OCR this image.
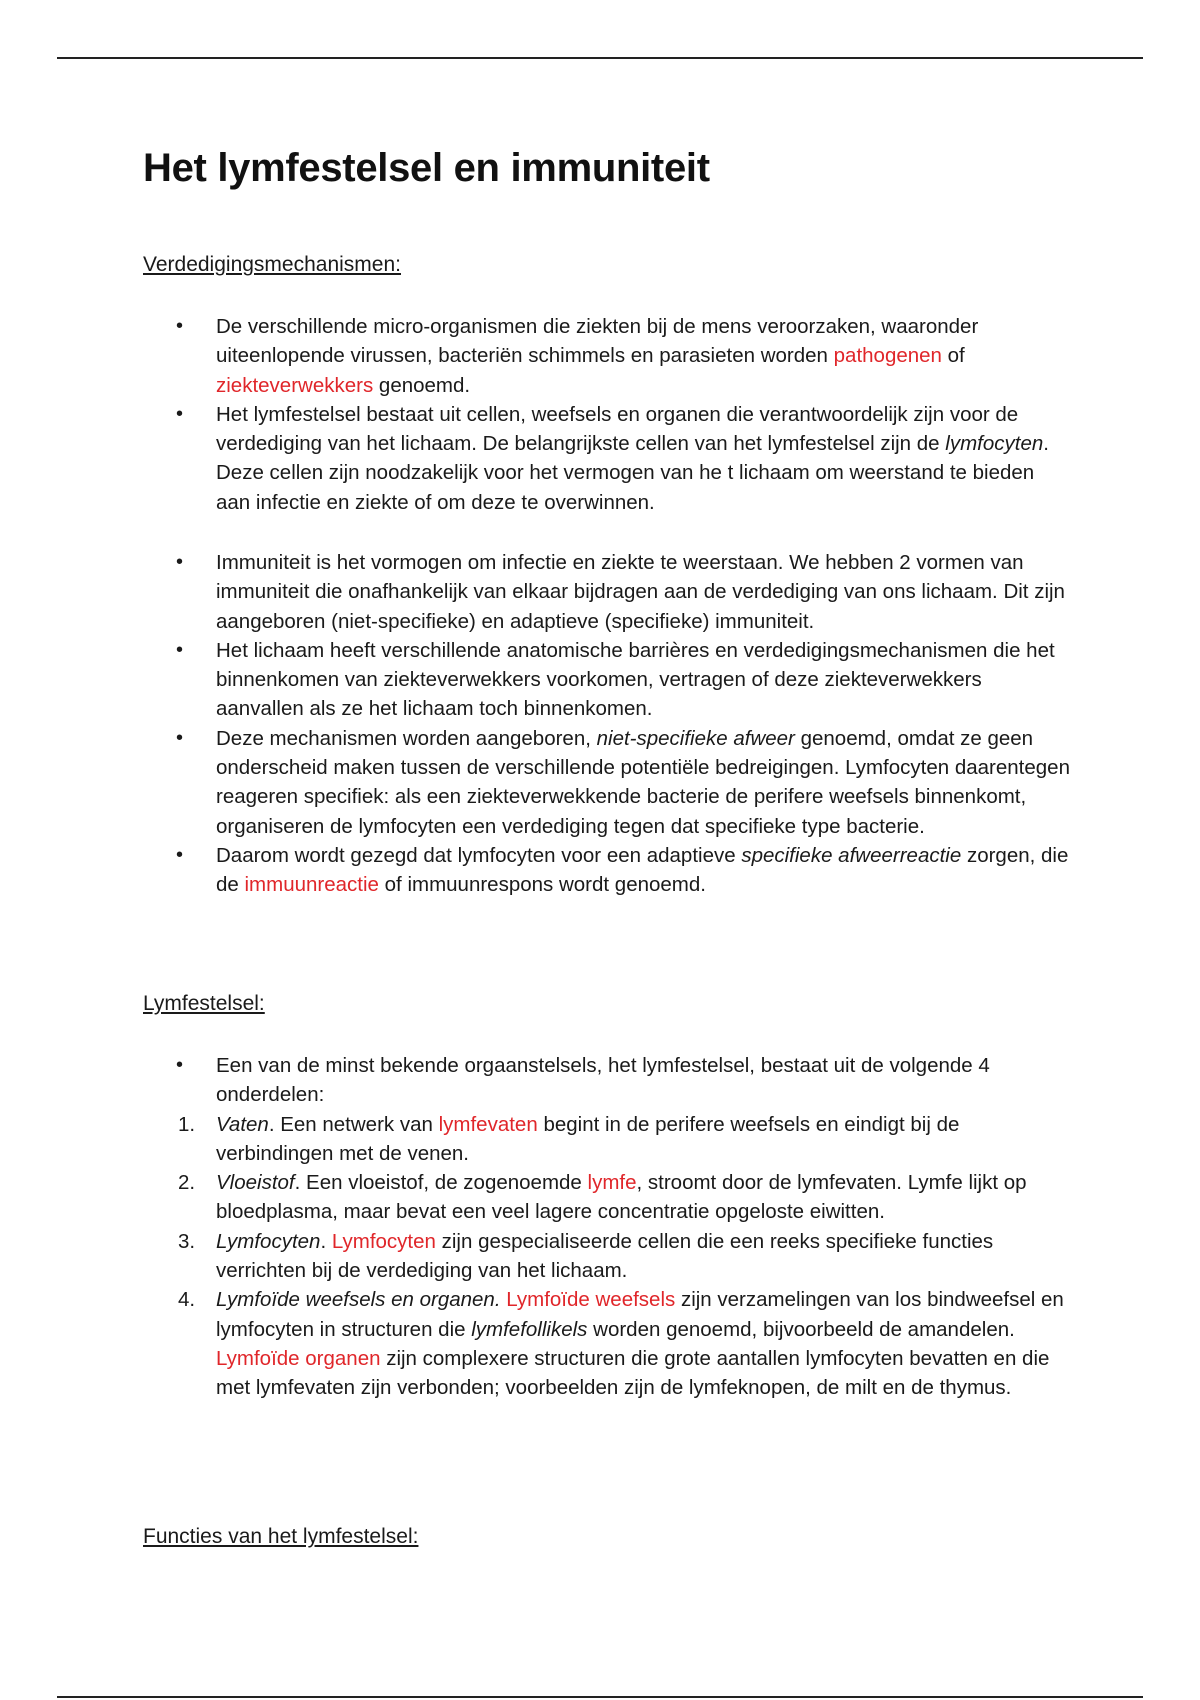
Het lymfestelsel en immuniteit

Verdedigingsmechanismen:

• De verschillende micro-organismen die ziekten bij de mens veroorzaken, waaronder uiteenlopende virussen, bacteriën schimmels en parasieten worden pathogenen of ziekteverwekkers genoemd.
• Het lymfestelsel bestaat uit cellen, weefsels en organen die verantwoordelijk zijn voor de verdediging van het lichaam. De belangrijkste cellen van het lymfestelsel zijn de lymfocyten. Deze cellen zijn noodzakelijk voor het vermogen van he t lichaam om weerstand te bieden aan infectie en ziekte of om deze te overwinnen.
• Immuniteit is het vormogen om infectie en ziekte te weerstaan. We hebben 2 vormen van immuniteit die onafhankelijk van elkaar bijdragen aan de verdediging van ons lichaam. Dit zijn aangeboren (niet-specifieke) en adaptieve (specifieke) immuniteit.
• Het lichaam heeft verschillende anatomische barrières en verdedigingsmechanismen die het binnenkomen van ziekteverwekkers voorkomen, vertragen of deze ziekteverwekkers aanvallen als ze het lichaam toch binnenkomen.
• Deze mechanismen worden aangeboren, niet-specifieke afweer genoemd, omdat ze geen onderscheid maken tussen de verschillende potentiële bedreigingen. Lymfocyten daarentegen reageren specifiek: als een ziekteverwekkende bacterie de perifere weefsels binnenkomt, organiseren de lymfocyten een verdediging tegen dat specifieke type bacterie.
• Daarom wordt gezegd dat lymfocyten voor een adaptieve specifieke afweerreactie zorgen, die de immuunreactie of immuunrespons wordt genoemd.

Lymfestelsel:

• Een van de minst bekende orgaanstelsels, het lymfestelsel, bestaat uit de volgende 4 onderdelen:
1. Vaten. Een netwerk van lymfevaten begint in de perifere weefsels en eindigt bij de verbindingen met de venen.
2. Vloeistof. Een vloeistof, de zogenoemde lymfe, stroomt door de lymfevaten. Lymfe lijkt op bloedplasma, maar bevat een veel lagere concentratie opgeloste eiwitten.
3. Lymfocyten. Lymfocyten zijn gespecialiseerde cellen die een reeks specifieke functies verrichten bij de verdediging van het lichaam.
4. Lymfoïde weefsels en organen. Lymfoïde weefsels zijn verzamelingen van los bindweefsel en lymfocyten in structuren die lymfefollikels worden genoemd, bijvoorbeeld de amandelen. Lymfoïde organen zijn complexere structuren die grote aantallen lymfocyten bevatten en die met lymfevaten zijn verbonden; voorbeelden zijn de lymfeknopen, de milt en de thymus.

Functies van het lymfestelsel:
